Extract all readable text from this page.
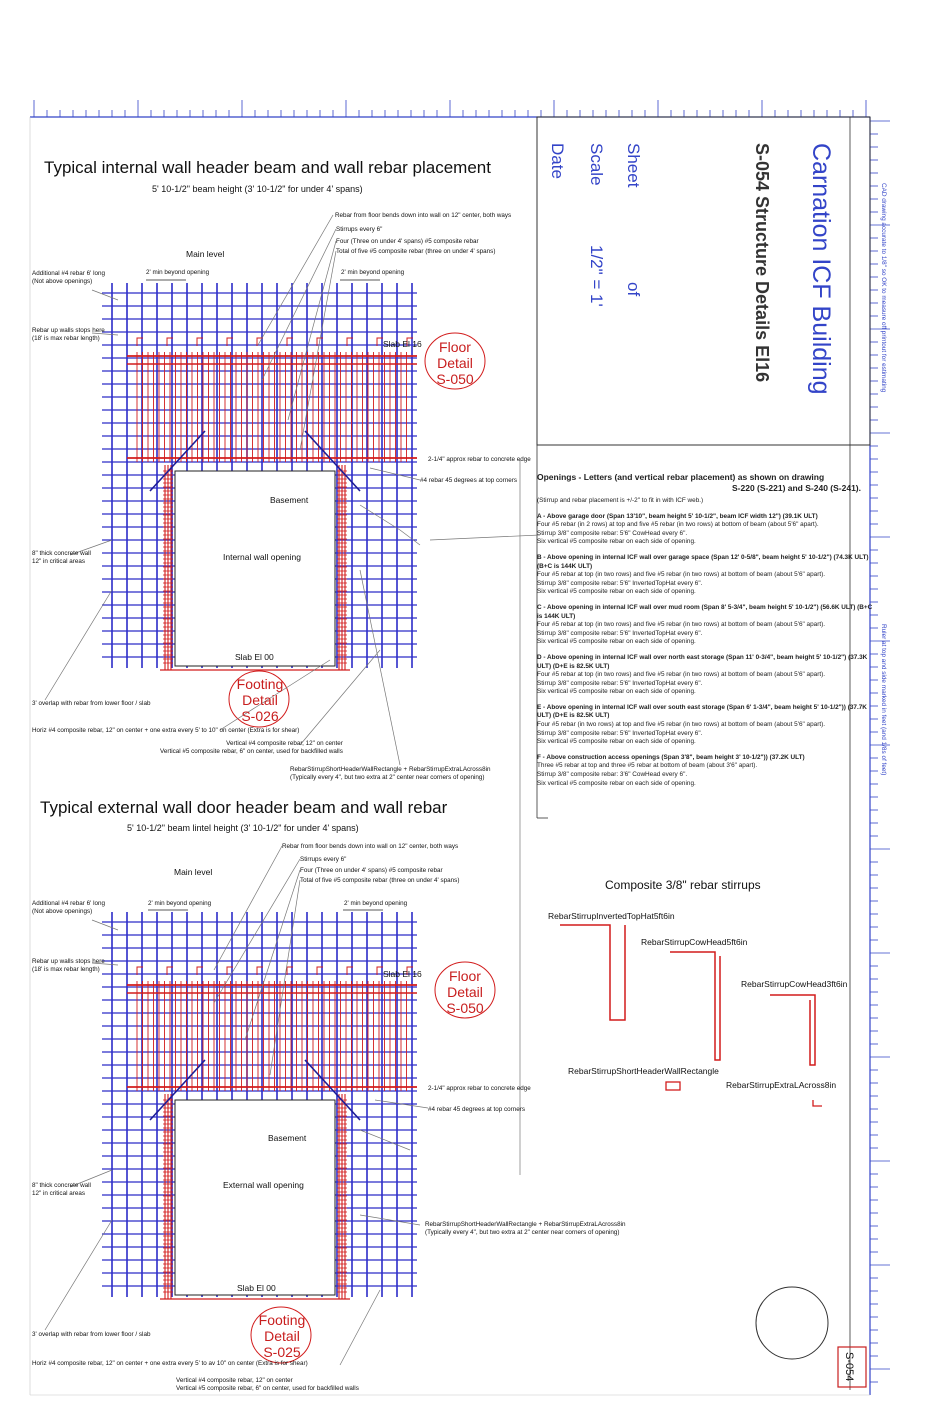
Carnation ICF Building
S-054 Structure Details El16
Sheet
of
Scale
1/2" = 1'
Date
CAD drawing accurate to 1/8" so OK to measure off printout for estimating
Ruler at top and side marked in feet (and 1/8s of feet)
S-054
Typical internal wall header beam and wall rebar placement
5' 10-1/2" beam height (3' 10-1/2" for under 4' spans)
Main level
Basement
Internal wall opening
Slab El 16
Slab El 00
Floor
Detail
S-050
Footing
Detail
S-026
2' min beyond opening	2' min beyond opening
Rebar from floor bends down into wall on 12" center, both ways
Stirrups every 6"
Four (Three on under 4' spans) #5 composite rebar
Total of five #5 composite rebar (three on under 4' spans)
Additional #4 rebar 6' long
(Not above openings)
Rebar up walls stops here
(18' is max rebar length)
2-1/4" approx rebar to concrete edge
#4 rebar 45 degrees at top corners
8" thick concrete wall
12" in critical areas
3' overlap with rebar from lower floor / slab
Horiz #4 composite rebar, 12" on center + one extra every 5' to 10" on center (Extra is for shear)
Vertical #4 composite rebar, 12" on center
Vertical #5 composite rebar, 6" on center, used for backfilled walls
RebarStirrupShortHeaderWallRectangle + RebarStirrupExtraLAcross8in
(Typically every 4", but two extra at 2" center near corners of opening)
Typical external wall door header beam and wall rebar
5' 10-1/2" beam lintel height (3' 10-1/2" for under 4' spans)
Main level
Basement
External wall opening
Slab El 16
Slab El 00
Floor
Detail
S-050
Footing
Detail
S-025
2' min beyond opening	2' min beyond opening
Rebar from floor bends down into wall on 12" center, both ways
Stirrups every 6"
Four (Three on under 4' spans) #5 composite rebar
Total of five #5 composite rebar (three on under 4' spans)
Additional #4 rebar 6' long
(Not above openings)
Rebar up walls stops here
(18' is max rebar length)
2-1/4" approx rebar to concrete edge
#4 rebar 45 degrees at top corners
8" thick concrete wall
12" in critical areas
3' overlap with rebar from lower floor / slab
Horiz #4 composite rebar, 12" on center + one extra every 5' to av 10" on center (Extra is for shear)
Vertical #4 composite rebar, 12" on center
Vertical #5 composite rebar, 6" on center, used for backfilled walls
RebarStirrupShortHeaderWallRectangle + RebarStirrupExtraLAcross8in
(Typically every 4", but two extra at 2" center near corners of opening)
Openings - Letters (and vertical rebar placement) as shown on drawing
S-220 (S-221) and S-240 (S-241).

(Stirrup and rebar placement is +/-2" to fit in with ICF web.)

A - Above garage door (Span 13'10", beam height 5' 10-1/2", beam ICF width 12") (39.1K ULT)
Four #5 rebar (in 2 rows) at top and five #5 rebar (in two rows) at bottom of beam (about 5'6" apart).
Stirrup 3/8" composite rebar: 5'6" CowHead every 6".
Six vertical #5 composite rebar on each side of opening.

B - Above opening in internal ICF wall over garage space (Span 12' 0-5/8", beam height 5' 10-1/2") (74.3K ULT) (B+C is 144K ULT)
Four #5 rebar at top (in two rows) and five #5 rebar (in two rows) at bottom of beam (about 5'6" apart).
Stirrup 3/8" composite rebar: 5'6" InvertedTopHat every 6".
Six vertical #5 composite rebar on each side of opening.

C - Above opening in internal ICF wall over mud room (Span 8' 5-3/4", beam height 5' 10-1/2") (56.6K ULT) (B+C is 144K ULT)
Four #5 rebar at top (in two rows) and five #5 rebar (in two rows) at bottom of beam (about 5'6" apart).
Stirrup 3/8" composite rebar: 5'6" InvertedTopHat every 6".
Six vertical #5 composite rebar on each side of opening.

D - Above opening in internal ICF wall over north east storage (Span 11' 0-3/4", beam height 5' 10-1/2") (37.3K ULT) (D+E is 82.5K ULT)
Four #5 rebar at top (in two rows) and five #5 rebar (in two rows) at bottom of beam (about 5'6" apart).
Stirrup 3/8" composite rebar: 5'6" InvertedTopHat every 6".
Six vertical #5 composite rebar on each side of opening.

E - Above opening in internal ICF wall over south east storage (Span 6' 1-3/4", beam height 5' 10-1/2")) (37.7K ULT) (D+E is 82.5K ULT)
Four #5 rebar (in two rows) at top and five #5 rebar (in two rows) at bottom of beam (about 5'6" apart).
Stirrup 3/8" composite rebar: 5'6" InvertedTopHat every 6".
Six vertical #5 composite rebar on each side of opening.

F - Above construction access openings (Span 3'8", beam height 3' 10-1/2")) (37.2K ULT)
Three #5 rebar at top and three #5 rebar at bottom of beam (about 3'6" apart).
Stirrup 3/8" composite rebar: 3'6" CowHead every 6".
Six vertical #5 composite rebar on each side of opening.

Composite 3/8" rebar stirrups
RebarStirrupInvertedTopHat5ft6in
RebarStirrupCowHead5ft6in
RebarStirrupCowHead3ft6in
RebarStirrupShortHeaderWallRectangle
RebarStirrupExtraLAcross8in
